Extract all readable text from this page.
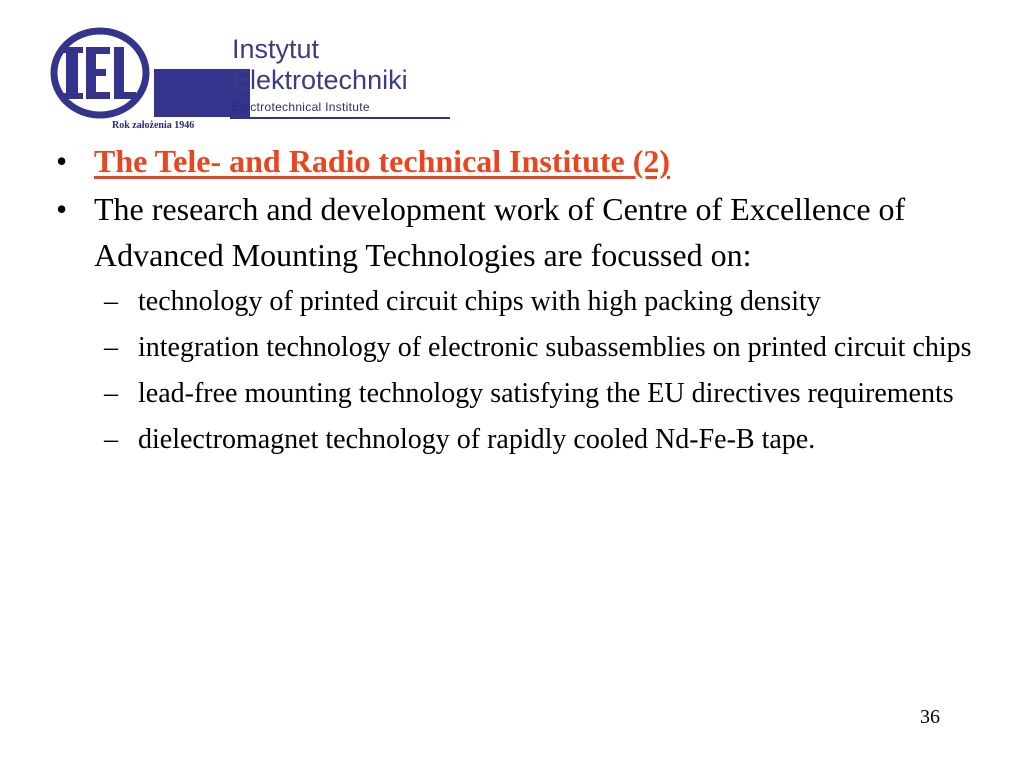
Rok założenia 1946
Instytut
Elektrotechniki
Electrotechnical Institute
• The Tele- and Radio technical Institute (2)
• The research and development work of Centre of Excellence of Advanced Mounting Technologies are focussed on:
– technology of printed circuit chips with high packing density
– integration technology of electronic subassemblies on printed circuit chips
– lead-free mounting technology satisfying the EU directives requirements
– dielectromagnet technology of rapidly cooled Nd-Fe-B tape.
36
